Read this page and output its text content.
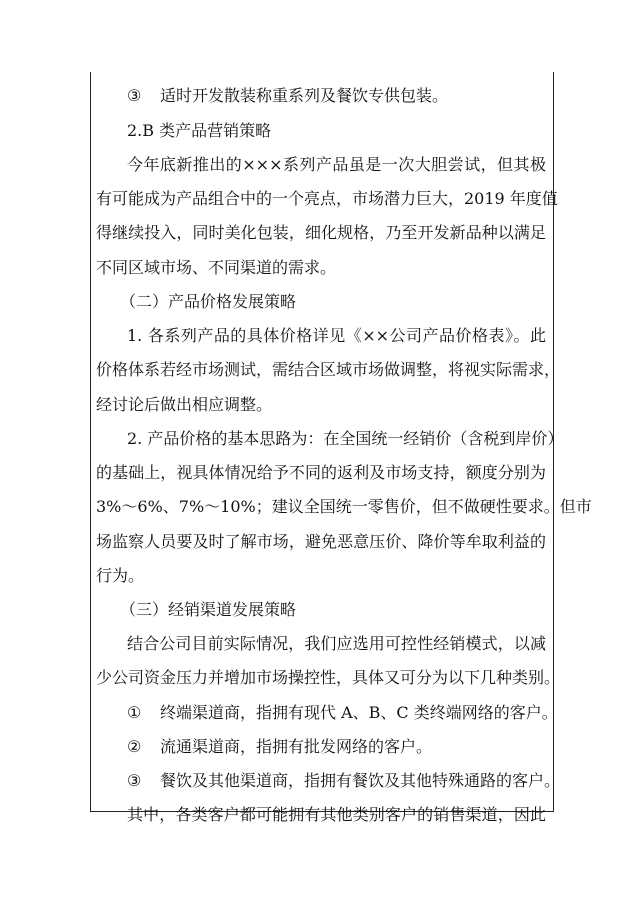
③ 适时开发散装称重系列及餐饮专供包装。
2.B 类产品营销策略
今年底新推出的×××系列产品虽是一次大胆尝试，但其极
有可能成为产品组合中的一个亮点，市场潜力巨大，2019 年度值
得继续投入，同时美化包装，细化规格，乃至开发新品种以满足
不同区域市场、不同渠道的需求。
（二）产品价格发展策略
1. 各系列产品的具体价格详见《××公司产品价格表》。此
价格体系若经市场测试，需结合区域市场做调整，将视实际需求，
经讨论后做出相应调整。
2. 产品价格的基本思路为：在全国统一经销价（含税到岸价）
的基础上，视具体情况给予不同的返利及市场支持，额度分别为
3%～6%、7%～10%；建议全国统一零售价，但不做硬性要求。但市
场监察人员要及时了解市场，避免恶意压价、降价等牟取利益的
行为。
（三）经销渠道发展策略
结合公司目前实际情况，我们应选用可控性经销模式，以减
少公司资金压力并增加市场操控性，具体又可分为以下几种类别。
① 终端渠道商，指拥有现代 A、B、C 类终端网络的客户。
② 流通渠道商，指拥有批发网络的客户。
③ 餐饮及其他渠道商，指拥有餐饮及其他特殊通路的客户。
其中，各类客户都可能拥有其他类别客户的销售渠道，因此
